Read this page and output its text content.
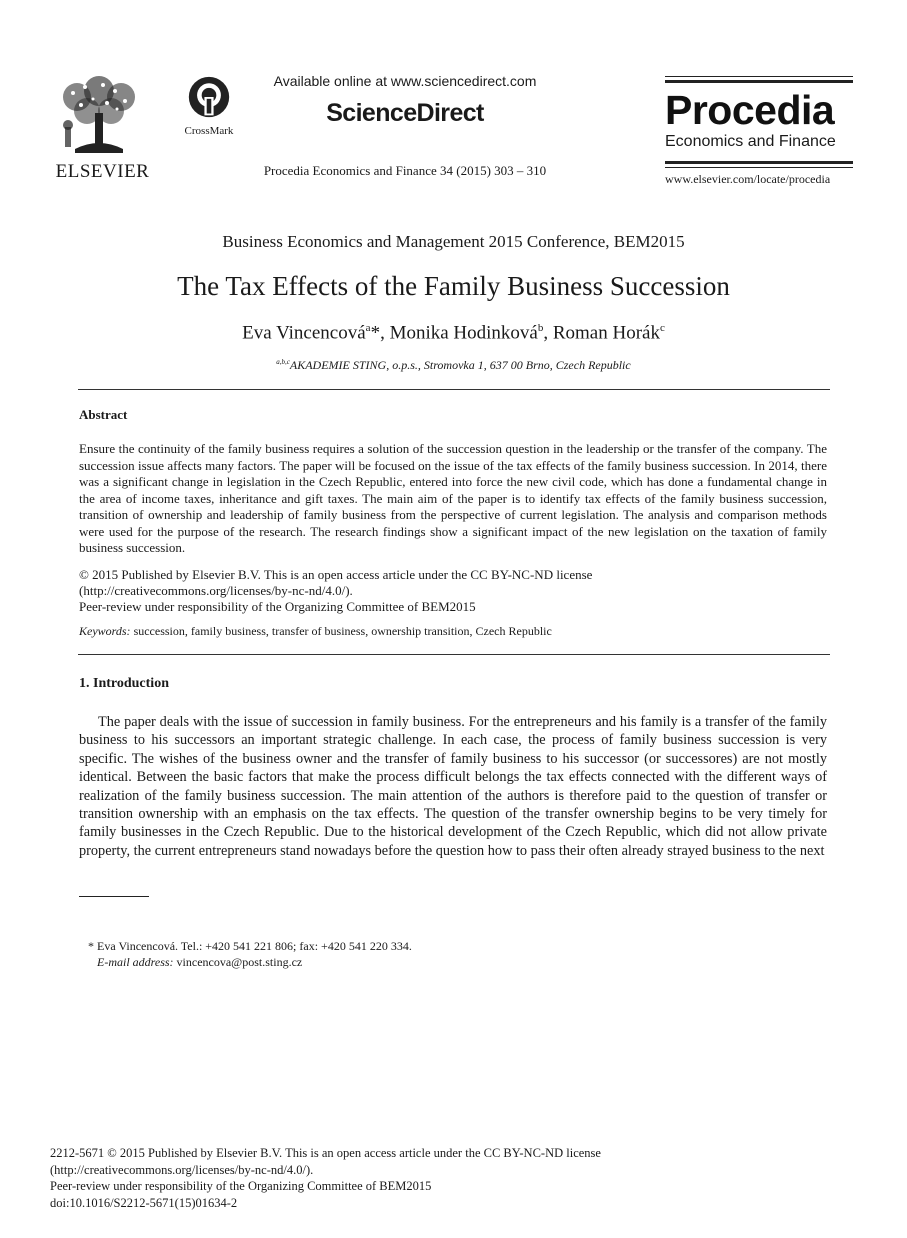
ELSEVIER
CrossMark
Available online at www.sciencedirect.com
ScienceDirect
Procedia Economics and Finance 34 (2015) 303 – 310
Procedia
Economics and Finance
www.elsevier.com/locate/procedia
Business Economics and Management 2015 Conference, BEM2015
The Tax Effects of the Family Business Succession
Eva Vincencová$^a$*, Monika Hodinková$^b$, Roman Horák$^c$
$^{a,b,c}$AKADEMIE STING, o.p.s., Stromovka 1, 637 00 Brno, Czech Republic
Abstract
Ensure the continuity of the family business requires a solution of the succession question in the leadership or the transfer of the company. The succession issue affects many factors. The paper will be focused on the issue of the tax effects of the family business succession. In 2014, there was a significant change in legislation in the Czech Republic, entered into force the new civil code, which has done a fundamental change in the area of income taxes, inheritance and gift taxes. The main aim of the paper is to identify tax effects of the family business succession, transition of ownership and leadership of family business from the perspective of current legislation. The analysis and comparison methods were used for the purpose of the research. The research findings show a significant impact of the new legislation on the taxation of family business succession.
© 2015 Published by Elsevier B.V. This is an open access article under the CC BY-NC-ND license
(http://creativecommons.org/licenses/by-nc-nd/4.0/).
Peer-review under responsibility of the Organizing Committee of BEM2015
Keywords: succession, family business, transfer of business, ownership transition, Czech Republic
1. Introduction
The paper deals with the issue of succession in family business. For the entrepreneurs and his family is a transfer of the family business to his successors an important strategic challenge. In each case, the process of family business succession is very specific. The wishes of the business owner and the transfer of family business to his successor (or successores) are not mostly identical. Between the basic factors that make the process difficult belongs the tax effects connected with the different ways of realization of the family business succession. The main attention of the authors is therefore paid to the question of transfer or transition ownership with an emphasis on the tax effects. The question of the transfer ownership begins to be very timely for family businesses in the Czech Republic. Due to the historical development of the Czech Republic, which did not allow private property, the current entrepreneurs stand nowadays before the question how to pass their often already strayed business to the next
* Eva Vincencová. Tel.: +420 541 221 806; fax: +420 541 220 334.
E-mail address: vincencova@post.sting.cz
2212-5671 © 2015 Published by Elsevier B.V. This is an open access article under the CC BY-NC-ND license
(http://creativecommons.org/licenses/by-nc-nd/4.0/).
Peer-review under responsibility of the Organizing Committee of BEM2015
doi:10.1016/S2212-5671(15)01634-2
